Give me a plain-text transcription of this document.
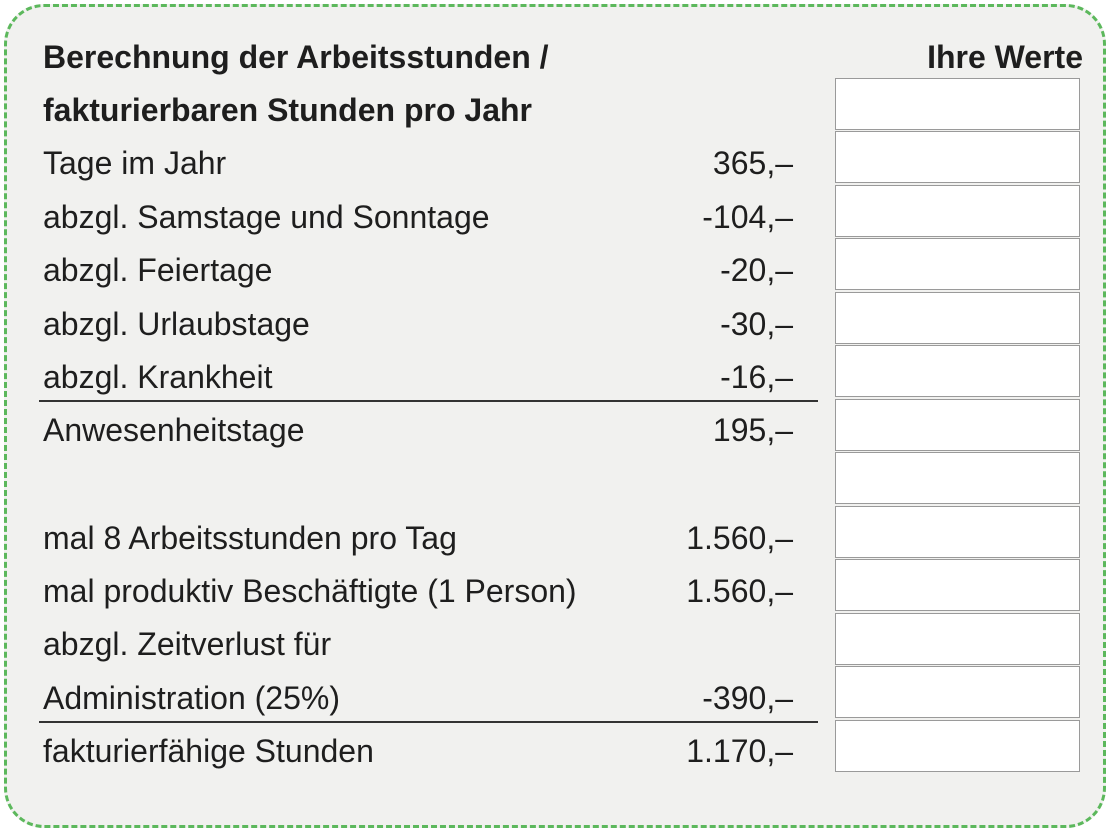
Berechnung der Arbeitsstunden /
fakturierbaren Stunden pro Jahr
Ihre Werte
Tage im Jahr	365,–
abzgl. Samstage und Sonntage	-104,–
abzgl. Feiertage	-20,–
abzgl. Urlaubstage	-30,–
abzgl. Krankheit	-16,–
Anwesenheitstage	195,–
mal 8 Arbeitsstunden pro Tag	1.560,–
mal produktiv Beschäftigte (1 Person)	1.560,–
abzgl. Zeitverlust für
Administration (25%)	-390,–
fakturierfähige Stunden	1.170,–
